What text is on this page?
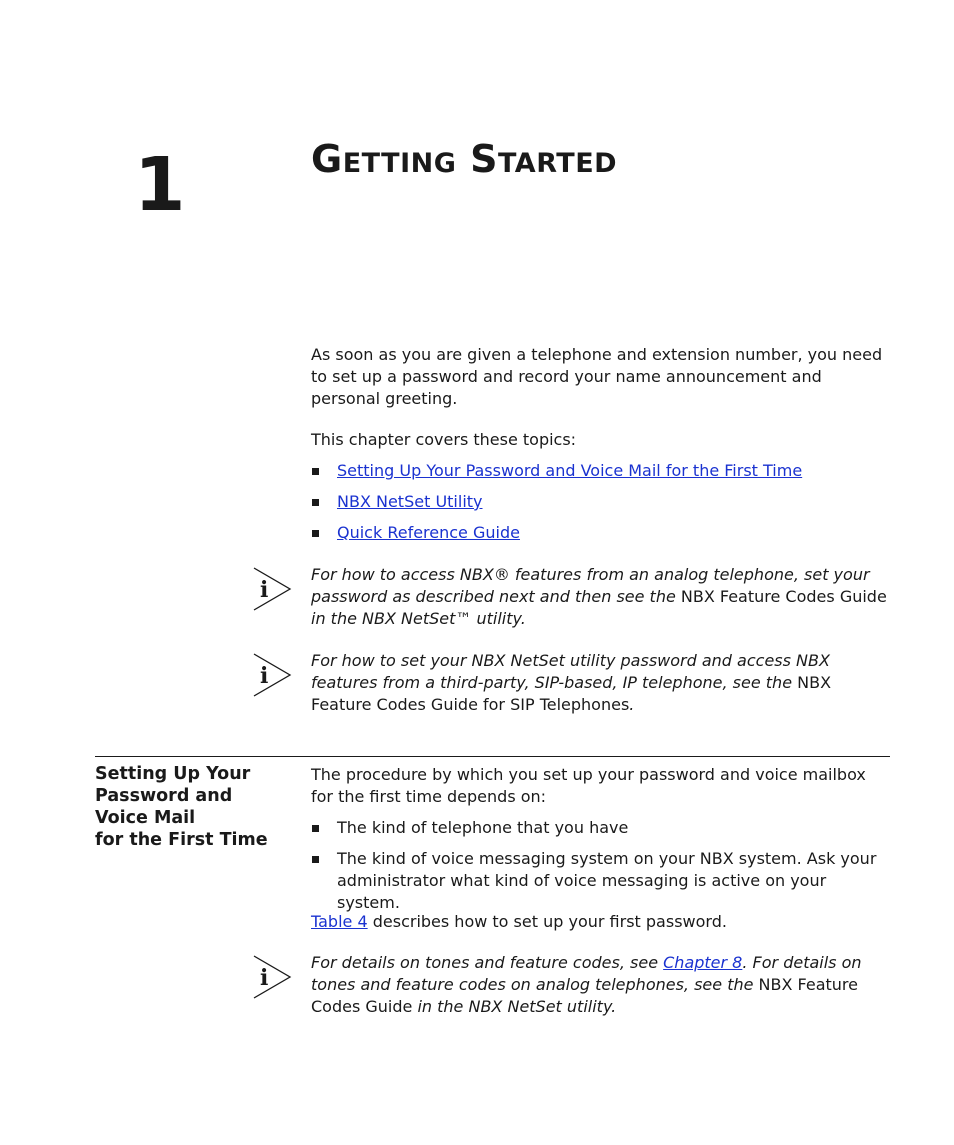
1	Getting Started

As soon as you are given a telephone and extension number, you need to set up a password and record your name announcement and personal greeting.

This chapter covers these topics:

Setting Up Your Password and Voice Mail for the First Time
NBX NetSet Utility
Quick Reference Guide
i
For how to access NBX® features from an analog telephone, set your password as described next and then see the NBX Feature Codes Guide in the NBX NetSet™ utility.
i
For how to set your NBX NetSet utility password and access NBX features from a third-party, SIP-based, IP telephone, see the NBX Feature Codes Guide for SIP Telephones.
Setting Up Your
Password and
Voice Mail
for the First Time

The procedure by which you set up your password and voice mailbox for the first time depends on:

The kind of telephone that you have
The kind of voice messaging system on your NBX system. Ask your administrator what kind of voice messaging is active on your system.
Table 4 describes how to set up your first password.
i
For details on tones and feature codes, see Chapter 8. For details on tones and feature codes on analog telephones, see the NBX Feature Codes Guide in the NBX NetSet utility.
